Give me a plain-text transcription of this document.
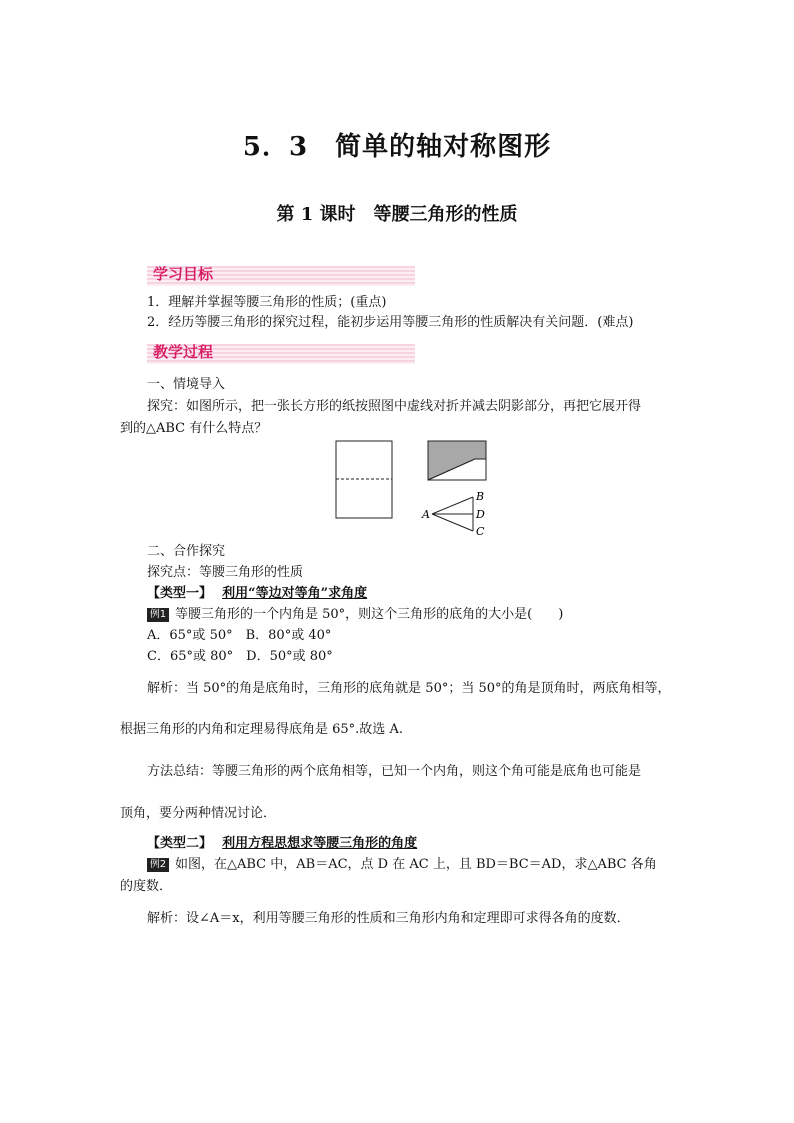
5．3　简单的轴对称图形
第 1 课时　等腰三角形的性质
学习目标
1．理解并掌握等腰三角形的性质；(重点)
2．经历等腰三角形的探究过程，能初步运用等腰三角形的性质解决有关问题．(难点)
教学过程
一、情境导入
探究：如图所示，把一张长方形的纸按照图中虚线对折并减去阴影部分，再把它展开得
到的△ABC 有什么特点？
A
B
D
C
二、合作探究
探究点：等腰三角形的性质
【类型一】 利用“等边对等角”求角度
例1 等腰三角形的一个内角是 50°，则这个三角形的底角的大小是(　　)
A．65°或 50°　B．80°或 40°
C．65°或 80°　D．50°或 80°
解析：当 50°的角是底角时，三角形的底角就是 50°；当 50°的角是顶角时，两底角相等，
根据三角形的内角和定理易得底角是 65°.故选 A.
方法总结：等腰三角形的两个底角相等，已知一个内角，则这个角可能是底角也可能是
顶角，要分两种情况讨论．
【类型二】 利用方程思想求等腰三角形的角度
例2 如图，在△ABC 中，AB＝AC，点 D 在 AC 上，且 BD＝BC＝AD，求△ABC 各角
的度数．
解析：设∠A＝x，利用等腰三角形的性质和三角形内角和定理即可求得各角的度数．
